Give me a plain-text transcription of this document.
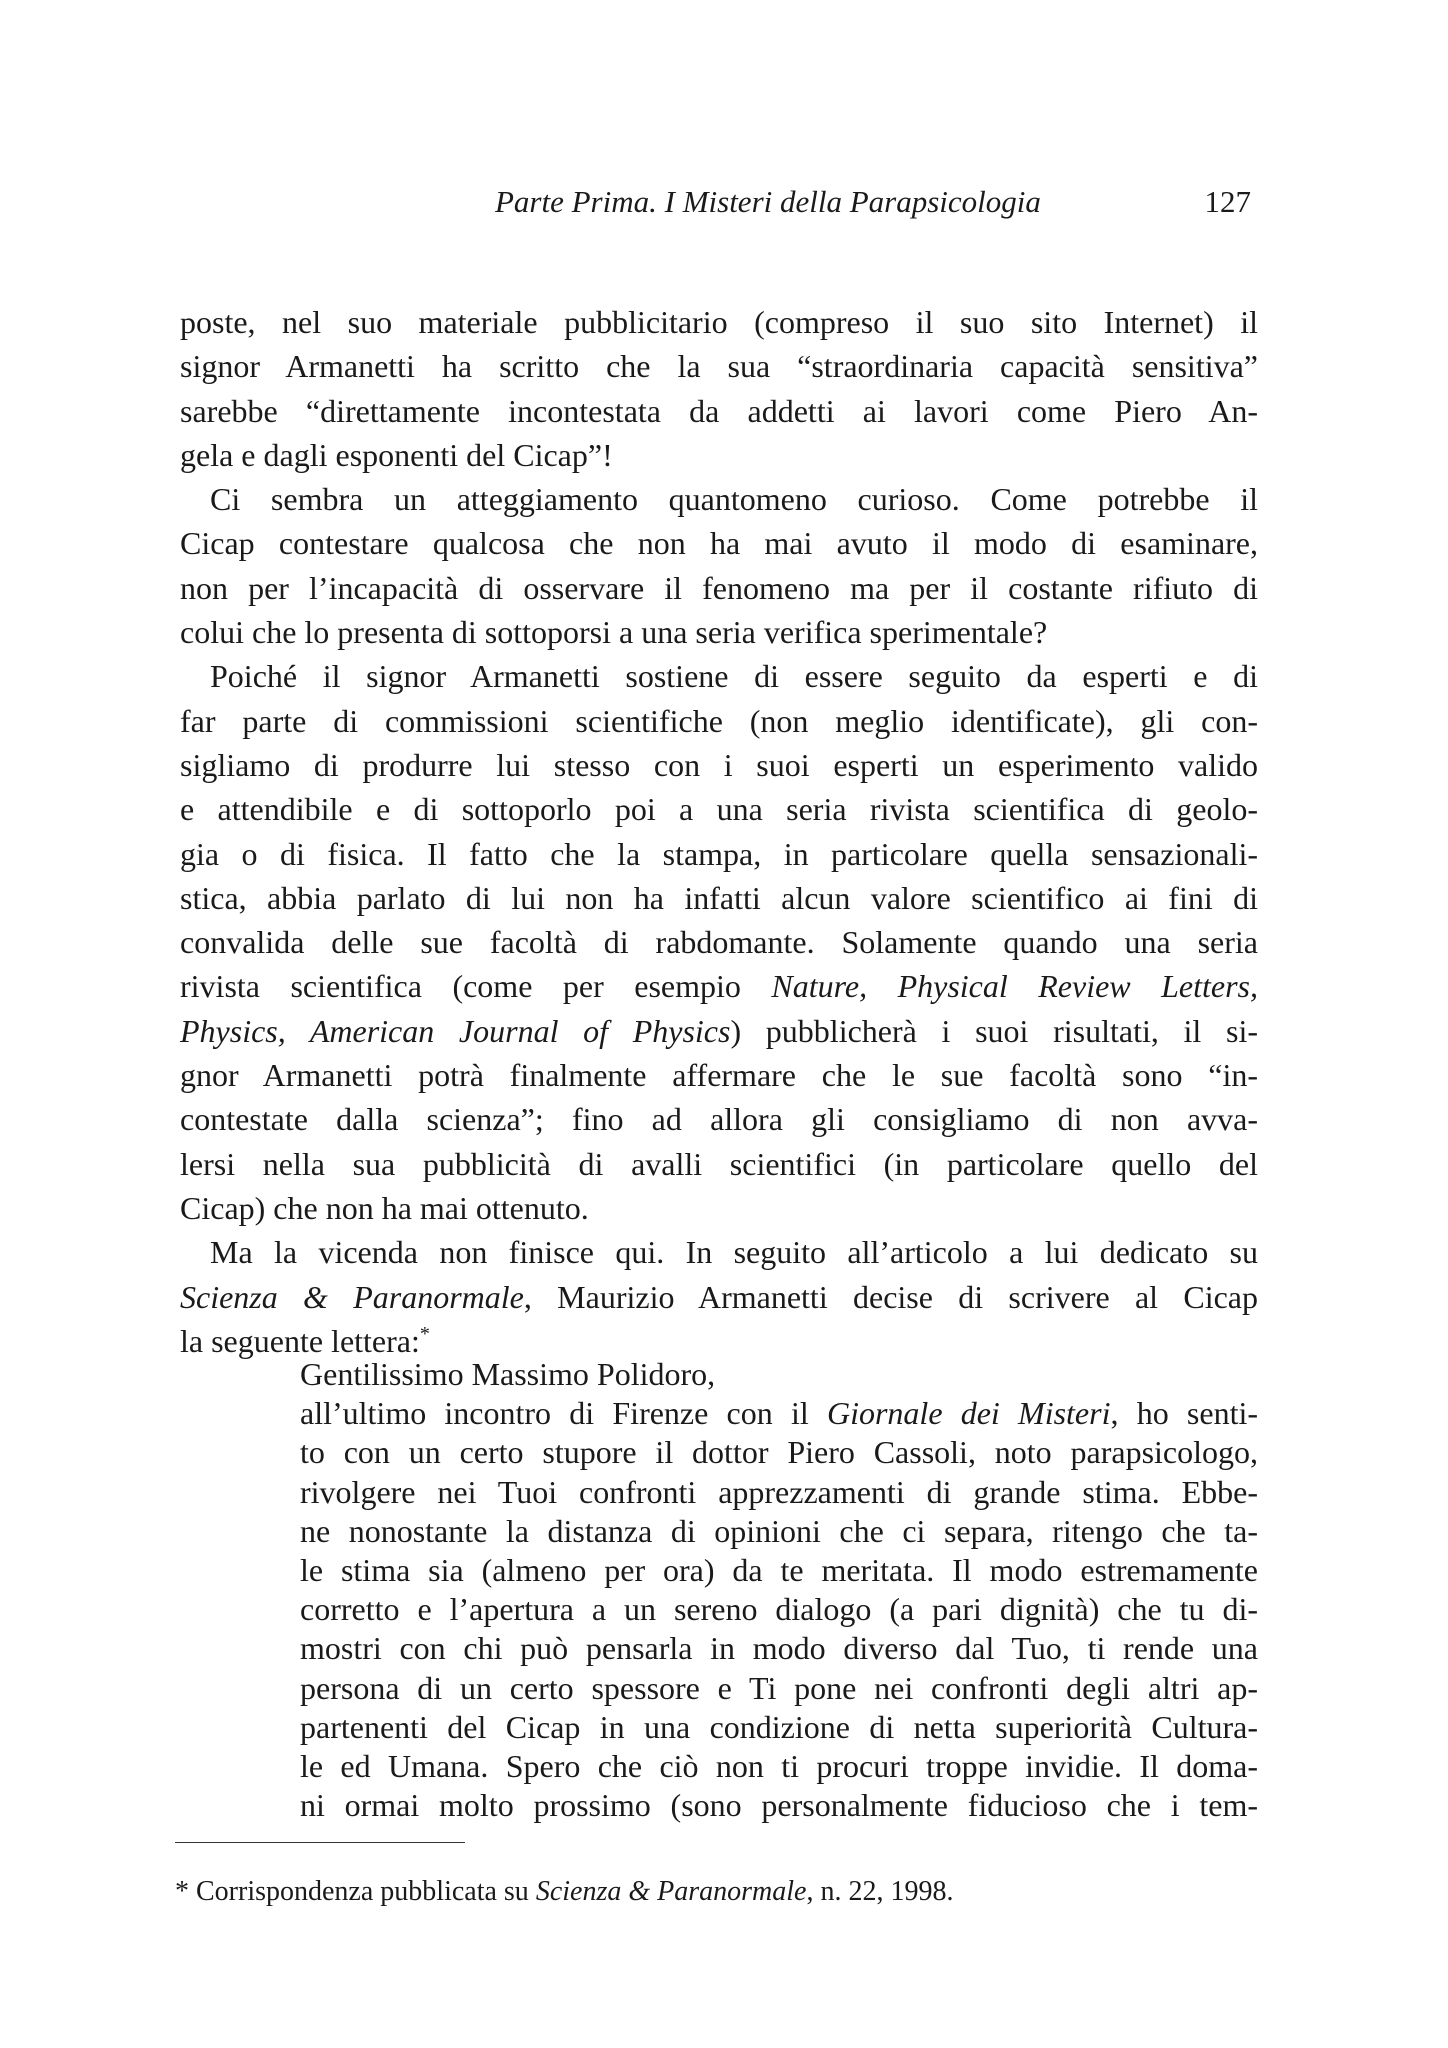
Parte Prima. I Misteri della Parapsicologia	127
poste, nel suo materiale pubblicitario (compreso il suo sito Internet) il
signor Armanetti ha scritto che la sua “straordinaria capacità sensitiva”
sarebbe “direttamente incontestata da addetti ai lavori come Piero An-
gela e dagli esponenti del Cicap”!
Ci sembra un atteggiamento quantomeno curioso. Come potrebbe il
Cicap contestare qualcosa che non ha mai avuto il modo di esaminare,
non per l’incapacità di osservare il fenomeno ma per il costante rifiuto di
colui che lo presenta di sottoporsi a una seria verifica sperimentale?
Poiché il signor Armanetti sostiene di essere seguito da esperti e di
far parte di commissioni scientifiche (non meglio identificate), gli con-
sigliamo di produrre lui stesso con i suoi esperti un esperimento valido
e attendibile e di sottoporlo poi a una seria rivista scientifica di geolo-
gia o di fisica. Il fatto che la stampa, in particolare quella sensazionali-
stica, abbia parlato di lui non ha infatti alcun valore scientifico ai fini di
convalida delle sue facoltà di rabdomante. Solamente quando una seria
rivista scientifica (come per esempio Nature, Physical Review Letters,
Physics, American Journal of Physics) pubblicherà i suoi risultati, il si-
gnor Armanetti potrà finalmente affermare che le sue facoltà sono “in-
contestate dalla scienza”; fino ad allora gli consigliamo di non avva-
lersi nella sua pubblicità di avalli scientifici (in particolare quello del
Cicap) che non ha mai ottenuto.
Ma la vicenda non finisce qui. In seguito all’articolo a lui dedicato su
Scienza & Paranormale, Maurizio Armanetti decise di scrivere al Cicap
la seguente lettera:*
Gentilissimo Massimo Polidoro,
all’ultimo incontro di Firenze con il Giornale dei Misteri, ho senti-
to con un certo stupore il dottor Piero Cassoli, noto parapsicologo,
rivolgere nei Tuoi confronti apprezzamenti di grande stima. Ebbe-
ne nonostante la distanza di opinioni che ci separa, ritengo che ta-
le stima sia (almeno per ora) da te meritata. Il modo estremamente
corretto e l’apertura a un sereno dialogo (a pari dignità) che tu di-
mostri con chi può pensarla in modo diverso dal Tuo, ti rende una
persona di un certo spessore e Ti pone nei confronti degli altri ap-
partenenti del Cicap in una condizione di netta superiorità Cultura-
le ed Umana. Spero che ciò non ti procuri troppe invidie. Il doma-
ni ormai molto prossimo (sono personalmente fiducioso che i tem-
* Corrispondenza pubblicata su Scienza & Paranormale, n. 22, 1998.
